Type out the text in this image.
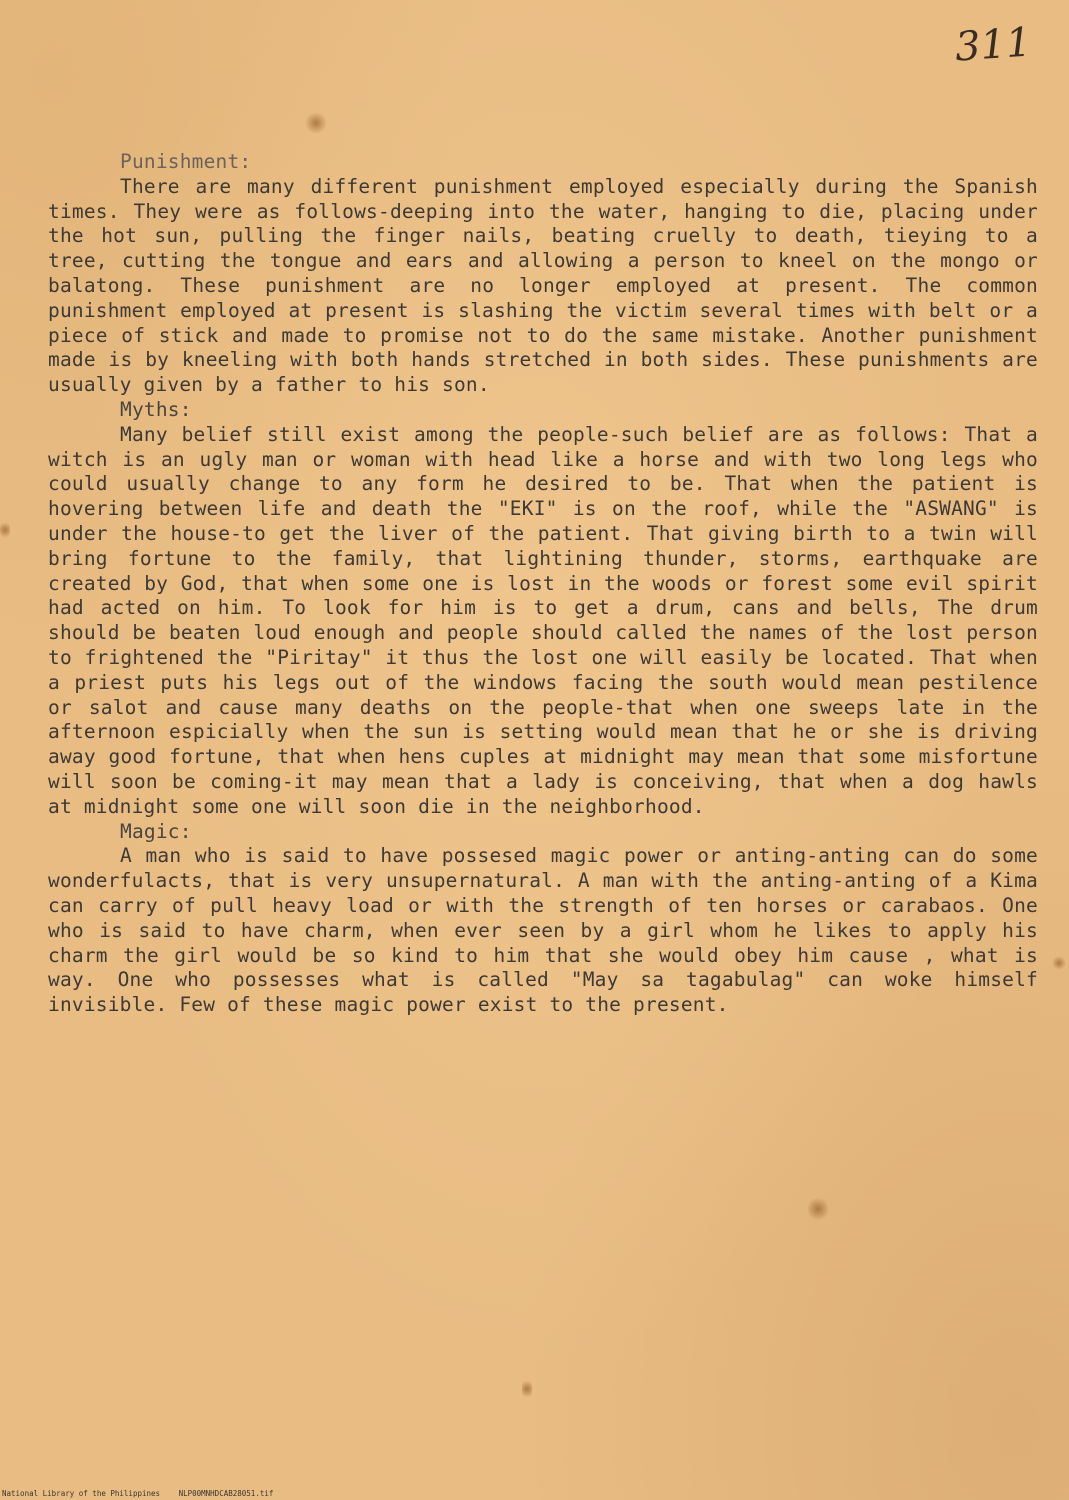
311
Punishment:

There are many different punishment employed especially during the Spanish times. They were as follows-deeping into the water, hanging to die, placing under the hot sun, pulling the finger nails, beating cruelly to death, tieying to a tree, cutting the tongue and ears and allowing a person to kneel on the mongo or balatong. These punishment are no longer employed at present. The common punishment employed at present is slashing the victim several times with belt or a piece of stick and made to promise not to do the same mistake. Another punishment made is by kneeling with both hands stretched in both sides. These punishments are usually given by a father to his son.

Myths:

Many belief still exist among the people-such belief are as follows: That a witch is an ugly man or woman with head like a horse and with two long legs who could usually change to any form he desired to be. That when the patient is hovering between life and death the "EKI" is on the roof, while the "ASWANG" is under the house-to get the liver of the patient. That giving birth to a twin will bring fortune to the family, that lightining thunder, storms, earthquake are created by God, that when some one is lost in the woods or forest some evil spirit had acted on him. To look for him is to get a drum, cans and bells, The drum should be beaten loud enough and people should called the names of the lost person to frightened the "Piritay" it thus the lost one will easily be located. That when a priest puts his legs out of the windows facing the south would mean pestilence or salot and cause many deaths on the people-that when one sweeps late in the afternoon espicially when the sun is setting would mean that he or she is driving away good fortune, that when hens cuples at midnight may mean that some misfortune will soon be coming-it may mean that a lady is conceiving, that when a dog hawls at midnight some one will soon die in the neighborhood.

Magic:

A man who is said to have possesed magic power or anting-anting can do some wonderfulacts, that is very unsupernatural. A man with the anting-anting of a Kima can carry of pull heavy load or with the strength of ten horses or carabaos. One who is said to have charm, when ever seen by a girl whom he likes to apply his charm the girl would be so kind to him that she would obey him cause , what is way. One who possesses what is called "May sa tagabulag" can woke himself invisible. Few of these magic power exist to the present.

National Library of the Philippines NLP00MNHDCAB28051.tif
